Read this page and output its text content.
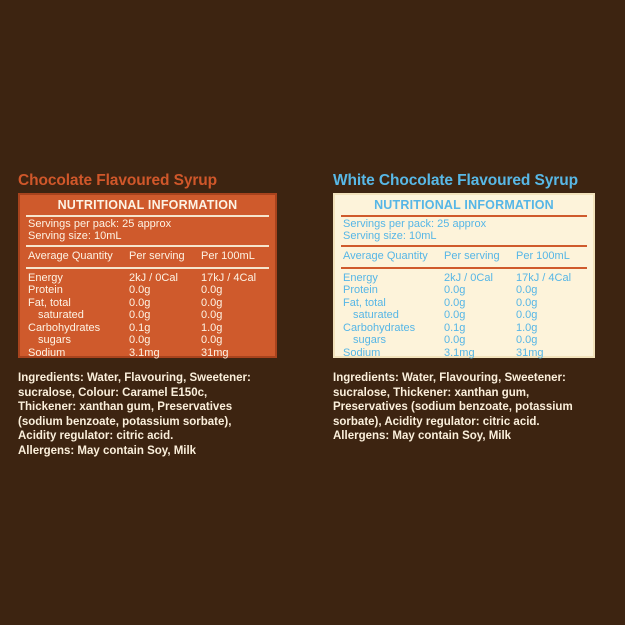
Chocolate Flavoured Syrup
NUTRITIONAL INFORMATION
Servings per pack: 25 approx
Serving size: 10mL
Average Quantity	Per serving	Per 100mL
Energy	2kJ / 0Cal	17kJ / 4Cal
Protein	0.0g	0.0g
Fat, total	0.0g	0.0g
saturated	0.0g	0.0g
Carbohydrates	0.1g	1.0g
sugars	0.0g	0.0g
Sodium	3.1mg	31mg
Ingredients: Water, Flavouring, Sweetener:
sucralose, Colour: Caramel E150c,
Thickener: xanthan gum, Preservatives
(sodium benzoate, potassium sorbate),
Acidity regulator: citric acid.
Allergens: May contain Soy, Milk
White Chocolate Flavoured Syrup
NUTRITIONAL INFORMATION
Servings per pack: 25 approx
Serving size: 10mL
Average Quantity	Per serving	Per 100mL
Energy	2kJ / 0Cal	17kJ / 4Cal
Protein	0.0g	0.0g
Fat, total	0.0g	0.0g
saturated	0.0g	0.0g
Carbohydrates	0.1g	1.0g
sugars	0.0g	0.0g
Sodium	3.1mg	31mg
Ingredients: Water, Flavouring, Sweetener:
sucralose, Thickener: xanthan gum,
Preservatives (sodium benzoate, potassium
sorbate), Acidity regulator: citric acid.
Allergens: May contain Soy, Milk
